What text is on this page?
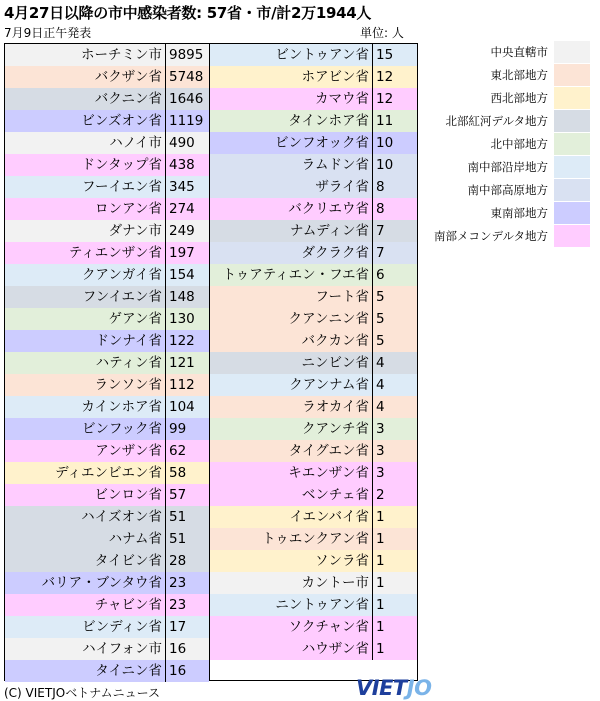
4月27日以降の市中感染者数: 57省・市/計2万1944人
7月9日正午発表	単位: 人
ホーチミン市 9895
バクザン省 5748
バクニン省 1646
ビンズオン省 1119
ハノイ市 490
ドンタップ省 438
フーイエン省 345
ロンアン省 274
ダナン市 249
ティエンザン省 197
クアンガイ省 154
フンイエン省 148
ゲアン省 130
ドンナイ省 122
ハティン省 121
ランソン省 112
カインホア省 104
ビンフック省 99
アンザン省 62
ディエンビエン省 58
ビンロン省 57
ハイズオン省 51
ハナム省 51
タイビン省 28
バリア・ブンタウ省 23
チャビン省 23
ビンディン省 17
ハイフォン市 16
タイニン省 16
ビントゥアン省 15
ホアビン省 12
カマウ省 12
タインホア省 11
ビンフオック省 10
ラムドン省 10
ザライ省 8
バクリエウ省 8
ナムディン省 7
ダクラク省 7
トゥアティエン・フエ省 6
フート省 5
クアンニン省 5
バクカン省 5
ニンビン省 4
クアンナム省 4
ラオカイ省 4
クアンチ省 3
タイグエン省 3
キエンザン省 3
ベンチェ省 2
イエンバイ省 1
トゥエンクアン省 1
ソンラ省 1
カントー市 1
ニントゥアン省 1
ソクチャン省 1
ハウザン省 1
中央直轄市
東北部地方
西北部地方
北部紅河デルタ地方
北中部地方
南中部沿岸地方
南中部高原地方
東南部地方
南部メコンデルタ地方
(C) VIETJOベトナムニュース	VIETJO
